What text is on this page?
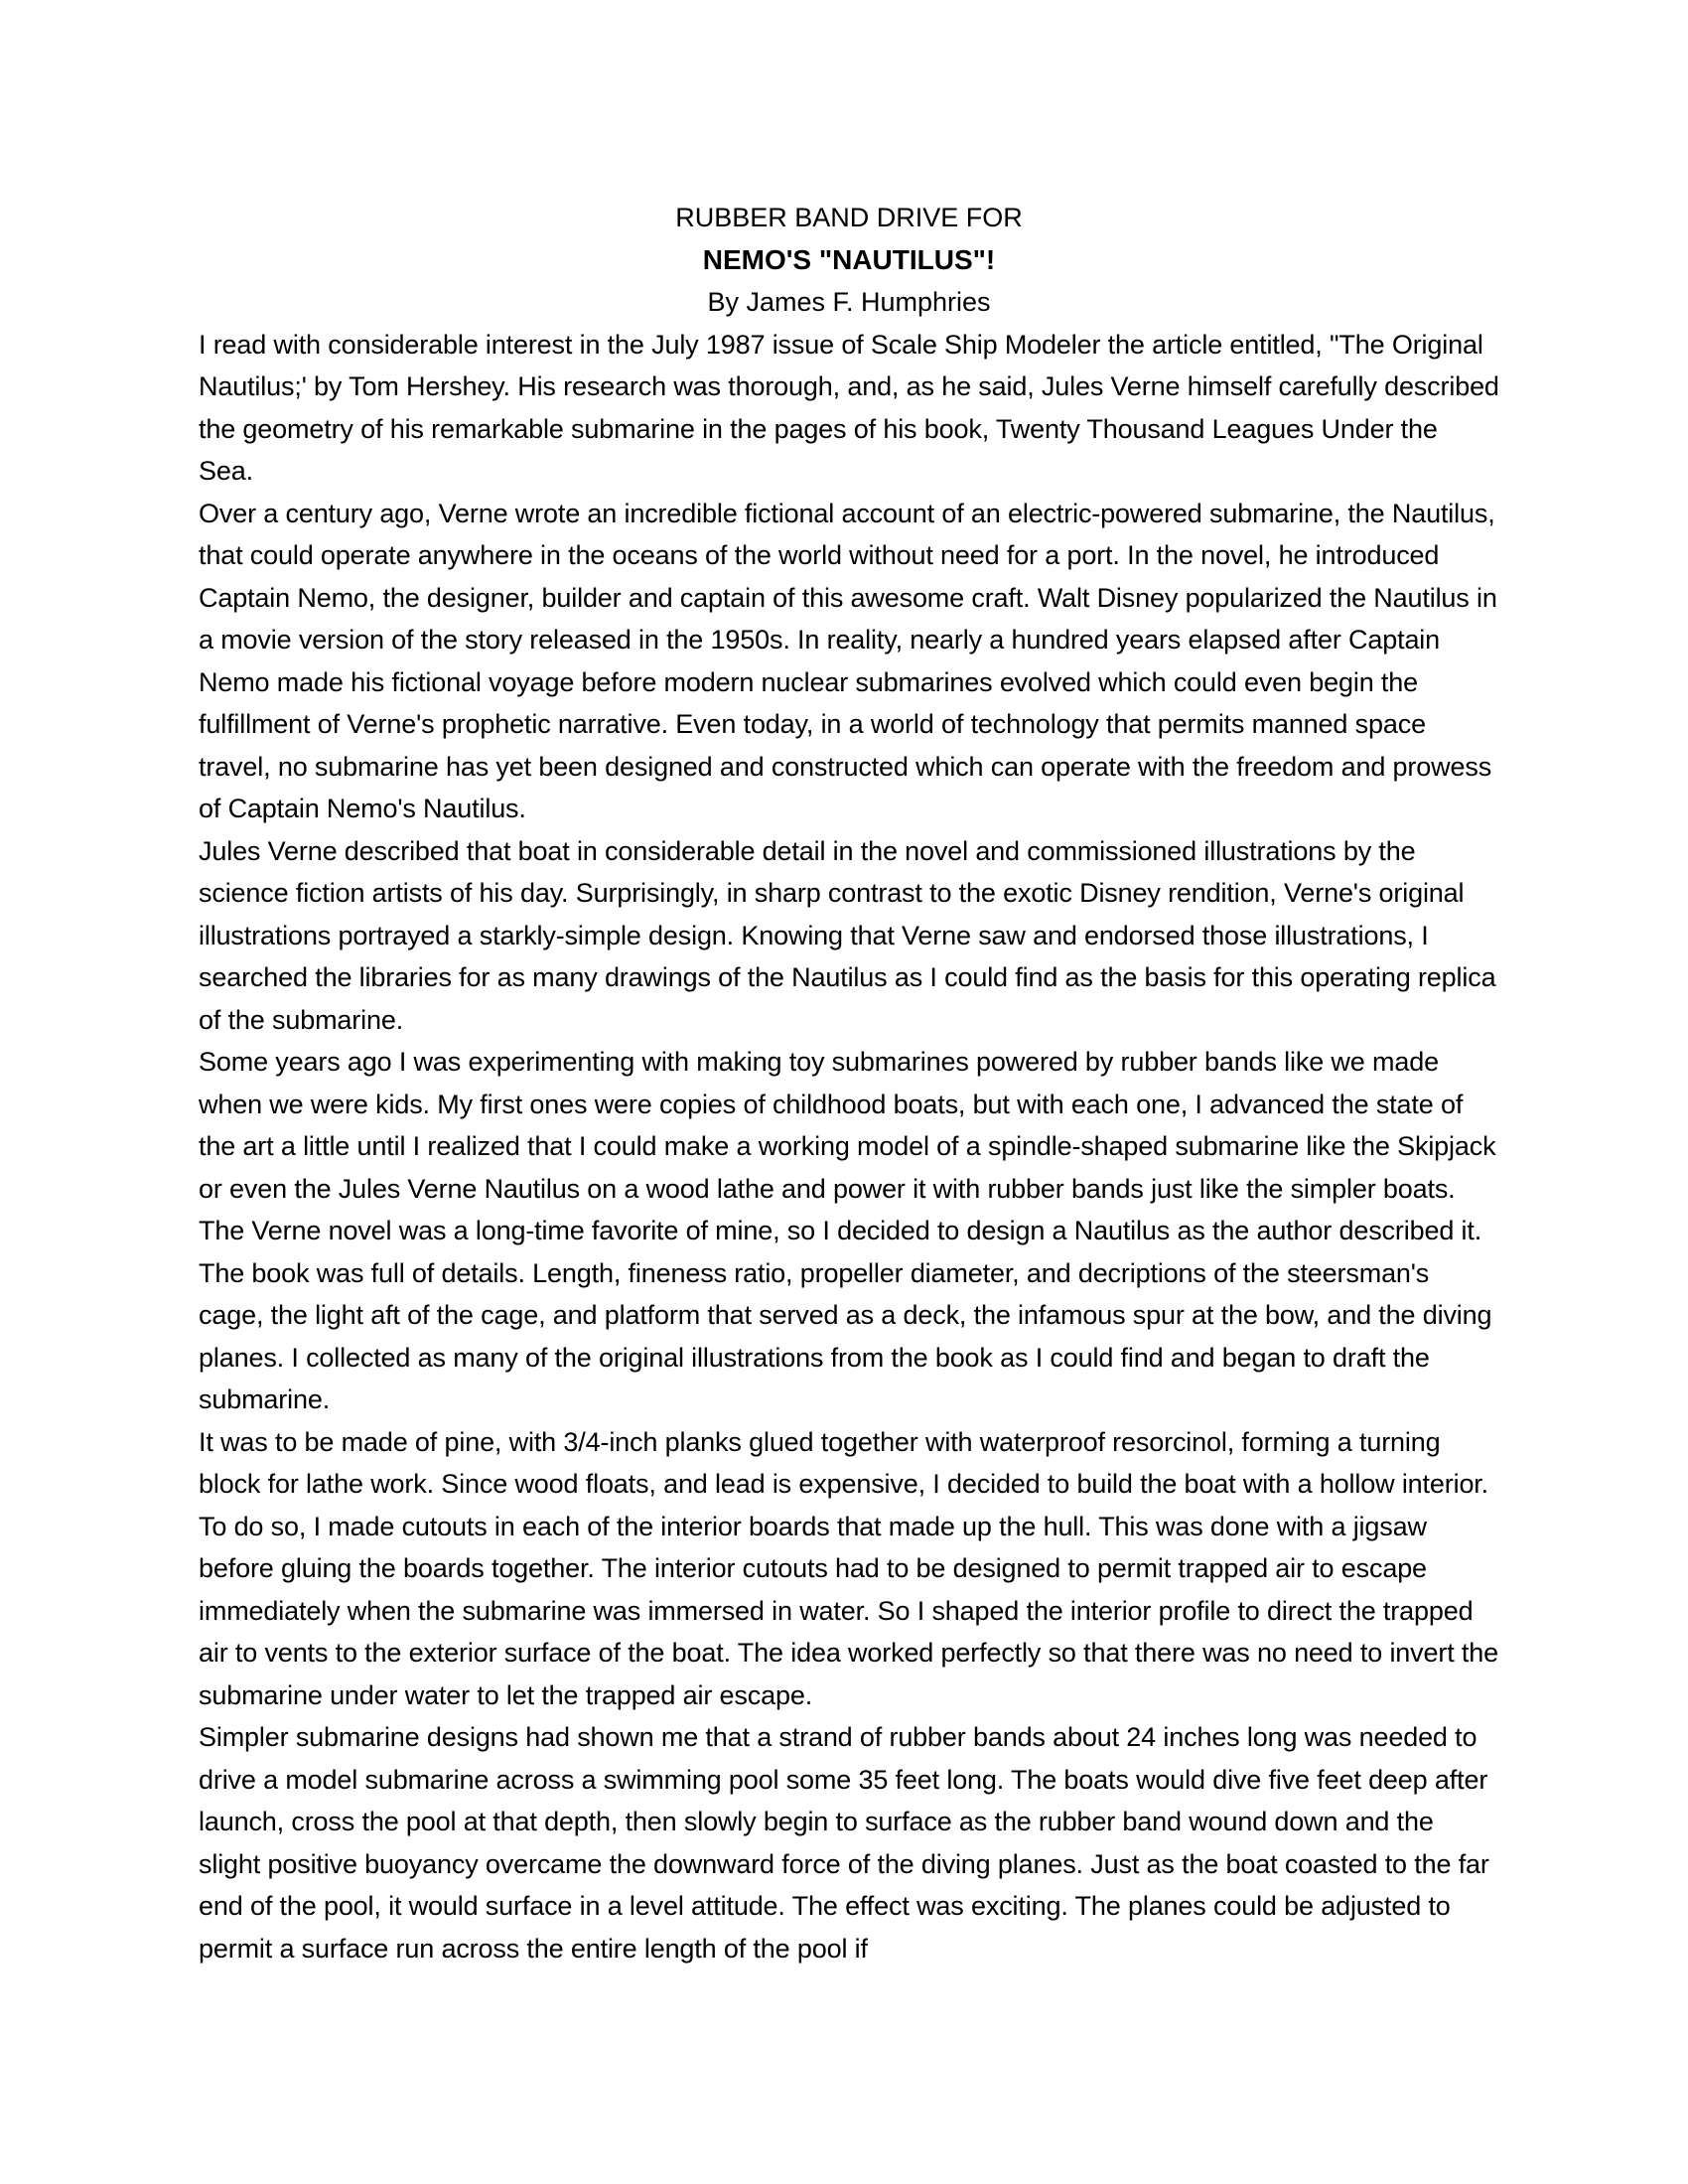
RUBBER BAND DRIVE FOR

NEMO'S "NAUTILUS"!

By James F. Humphries

I read with considerable interest in the July 1987 issue of Scale Ship Modeler the article entitled, "The Original Nautilus;' by Tom Hershey. His research was thorough, and, as he said, Jules Verne himself carefully described the geometry of his remarkable submarine in the pages of his book, Twenty Thousand Leagues Under the Sea.

Over a century ago, Verne wrote an incredible fictional account of an electric-powered submarine, the Nautilus, that could operate anywhere in the oceans of the world without need for a port. In the novel, he introduced Captain Nemo, the designer, builder and captain of this awesome craft. Walt Disney popularized the Nautilus in a movie version of the story released in the 1950s. In reality, nearly a hundred years elapsed after Captain Nemo made his fictional voyage before modern nuclear submarines evolved which could even begin the fulfillment of Verne's prophetic narrative. Even today, in a world of technology that permits manned space travel, no submarine has yet been designed and constructed which can operate with the freedom and prowess of Captain Nemo's Nautilus.

Jules Verne described that boat in considerable detail in the novel and commissioned illustrations by the science fiction artists of his day. Surprisingly, in sharp contrast to the exotic Disney rendition, Verne's original illustrations portrayed a starkly-simple design. Knowing that Verne saw and endorsed those illustrations, I searched the libraries for as many drawings of the Nautilus as I could find as the basis for this operating replica of the submarine.

Some years ago I was experimenting with making toy submarines powered by rubber bands like we made when we were kids. My first ones were copies of childhood boats, but with each one, I advanced the state of the art a little until I realized that I could make a working model of a spindle-shaped submarine like the Skipjack or even the Jules Verne Nautilus on a wood lathe and power it with rubber bands just like the simpler boats. The Verne novel was a long-time favorite of mine, so I decided to design a Nautilus as the author described it. The book was full of details. Length, fineness ratio, propeller diameter, and decriptions of the steersman's cage, the light aft of the cage, and platform that served as a deck, the infamous spur at the bow, and the diving planes. I collected as many of the original illustrations from the book as I could find and began to draft the submarine.

It was to be made of pine, with 3/4-inch planks glued together with waterproof resorcinol, forming a turning block for lathe work. Since wood floats, and lead is expensive, I decided to build the boat with a hollow interior. To do so, I made cutouts in each of the interior boards that made up the hull. This was done with a jigsaw before gluing the boards together. The interior cutouts had to be designed to permit trapped air to escape immediately when the submarine was immersed in water. So I shaped the interior profile to direct the trapped air to vents to the exterior surface of the boat. The idea worked perfectly so that there was no need to invert the submarine under water to let the trapped air escape.

Simpler submarine designs had shown me that a strand of rubber bands about 24 inches long was needed to drive a model submarine across a swimming pool some 35 feet long. The boats would dive five feet deep after launch, cross the pool at that depth, then slowly begin to surface as the rubber band wound down and the slight positive buoyancy overcame the downward force of the diving planes. Just as the boat coasted to the far end of the pool, it would surface in a level attitude. The effect was exciting. The planes could be adjusted to permit a surface run across the entire length of the pool if
